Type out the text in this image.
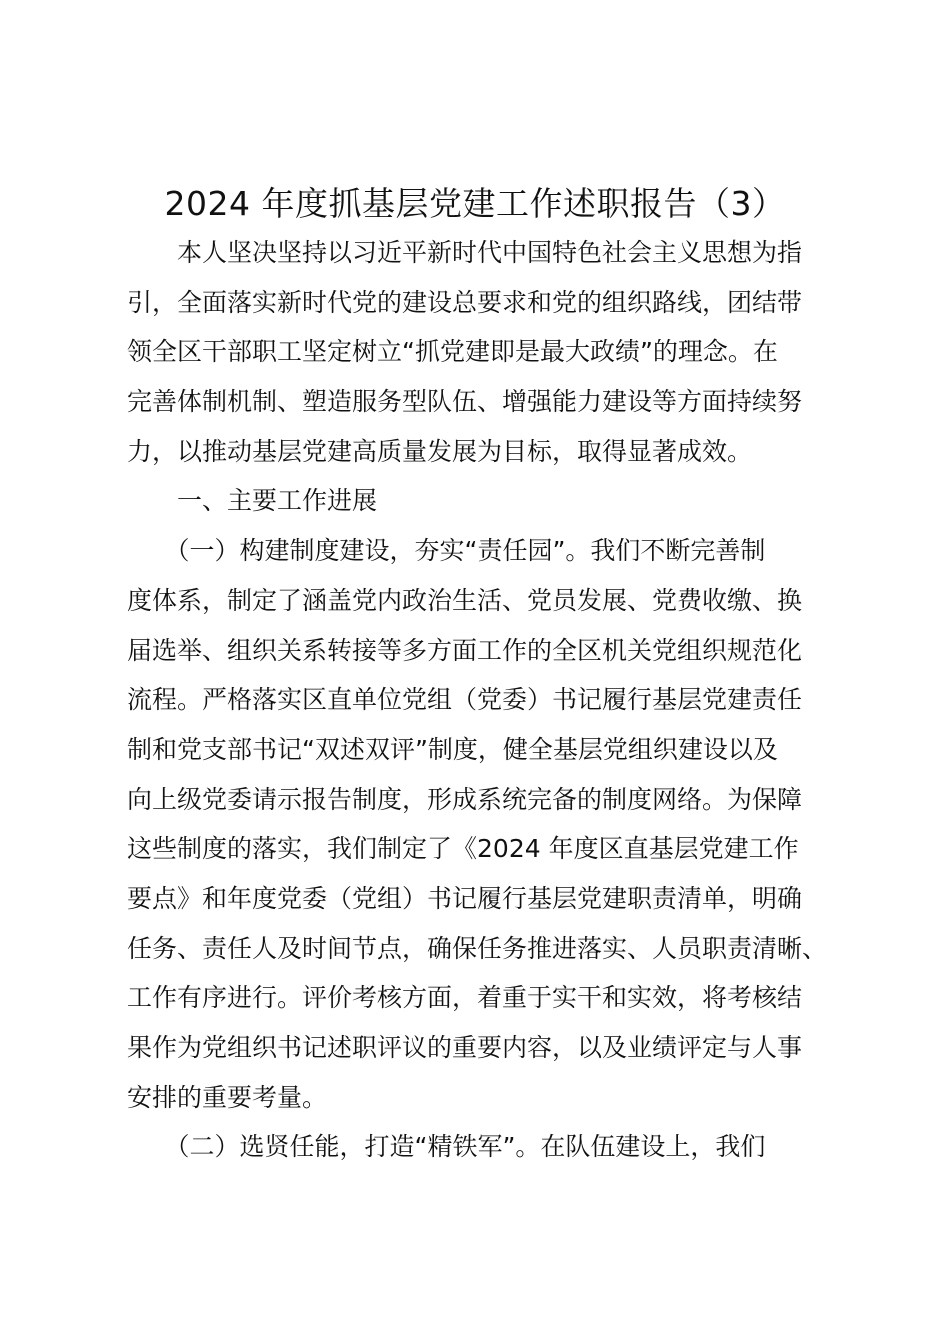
2024 年度抓基层党建工作述职报告（3）
　　本人坚决坚持以习近平新时代中国特色社会主义思想为指
引，全面落实新时代党的建设总要求和党的组织路线，团结带
领全区干部职工坚定树立“抓党建即是最大政绩”的理念。在
完善体制机制、塑造服务型队伍、增强能力建设等方面持续努
力，以推动基层党建高质量发展为目标，取得显著成效。
　　一、主要工作进展
　　（一）构建制度建设，夯实“责任园”。我们不断完善制
度体系，制定了涵盖党内政治生活、党员发展、党费收缴、换
届选举、组织关系转接等多方面工作的全区机关党组织规范化
流程。严格落实区直单位党组（党委）书记履行基层党建责任
制和党支部书记“双述双评”制度，健全基层党组织建设以及
向上级党委请示报告制度，形成系统完备的制度网络。为保障
这些制度的落实，我们制定了《2024 年度区直基层党建工作
要点》和年度党委（党组）书记履行基层党建职责清单，明确
任务、责任人及时间节点，确保任务推进落实、人员职责清晰、
工作有序进行。评价考核方面，着重于实干和实效，将考核结
果作为党组织书记述职评议的重要内容，以及业绩评定与人事
安排的重要考量。
　　（二）选贤任能，打造“精铁军”。在队伍建设上，我们
